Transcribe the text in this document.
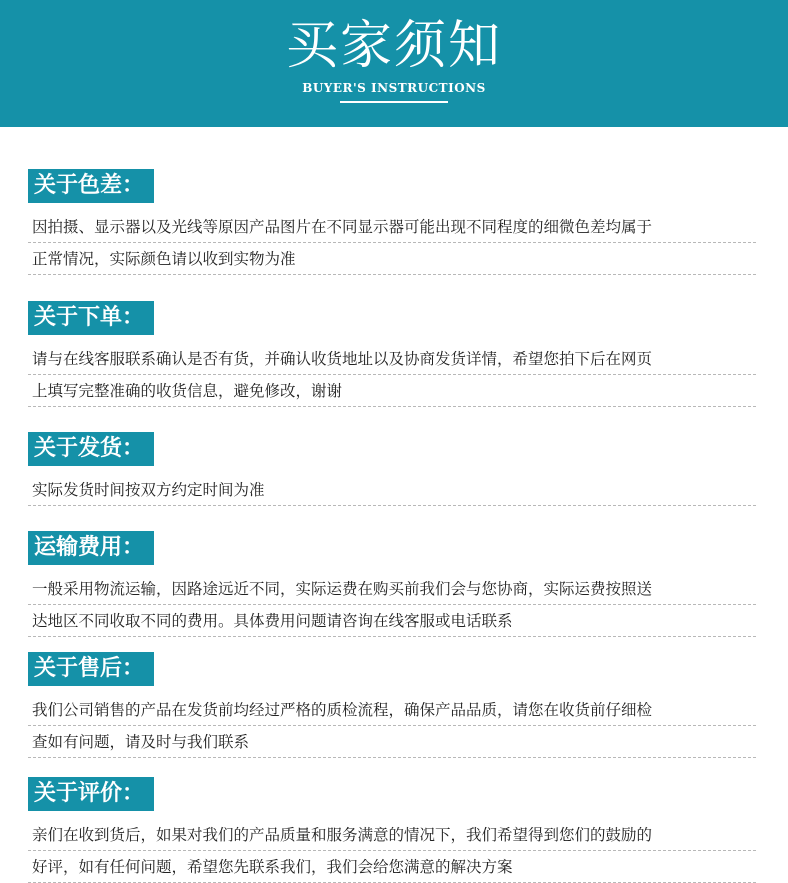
买家须知
BUYER'S INSTRUCTIONS
关于色差：
因拍摄、显示器以及光线等原因产品图片在不同显示器可能出现不同程度的细微色差均属于
正常情况，实际颜色请以收到实物为准
关于下单：
请与在线客服联系确认是否有货，并确认收货地址以及协商发货详情，希望您拍下后在网页
上填写完整准确的收货信息，避免修改，谢谢
关于发货：
实际发货时间按双方约定时间为准
运输费用：
一般采用物流运输，因路途远近不同，实际运费在购买前我们会与您协商，实际运费按照送
达地区不同收取不同的费用。具体费用问题请咨询在线客服或电话联系
关于售后：
我们公司销售的产品在发货前均经过严格的质检流程，确保产品品质，请您在收货前仔细检
查如有问题，请及时与我们联系
关于评价：
亲们在收到货后，如果对我们的产品质量和服务满意的情况下，我们希望得到您们的鼓励的
好评，如有任何问题，希望您先联系我们，我们会给您满意的解决方案
